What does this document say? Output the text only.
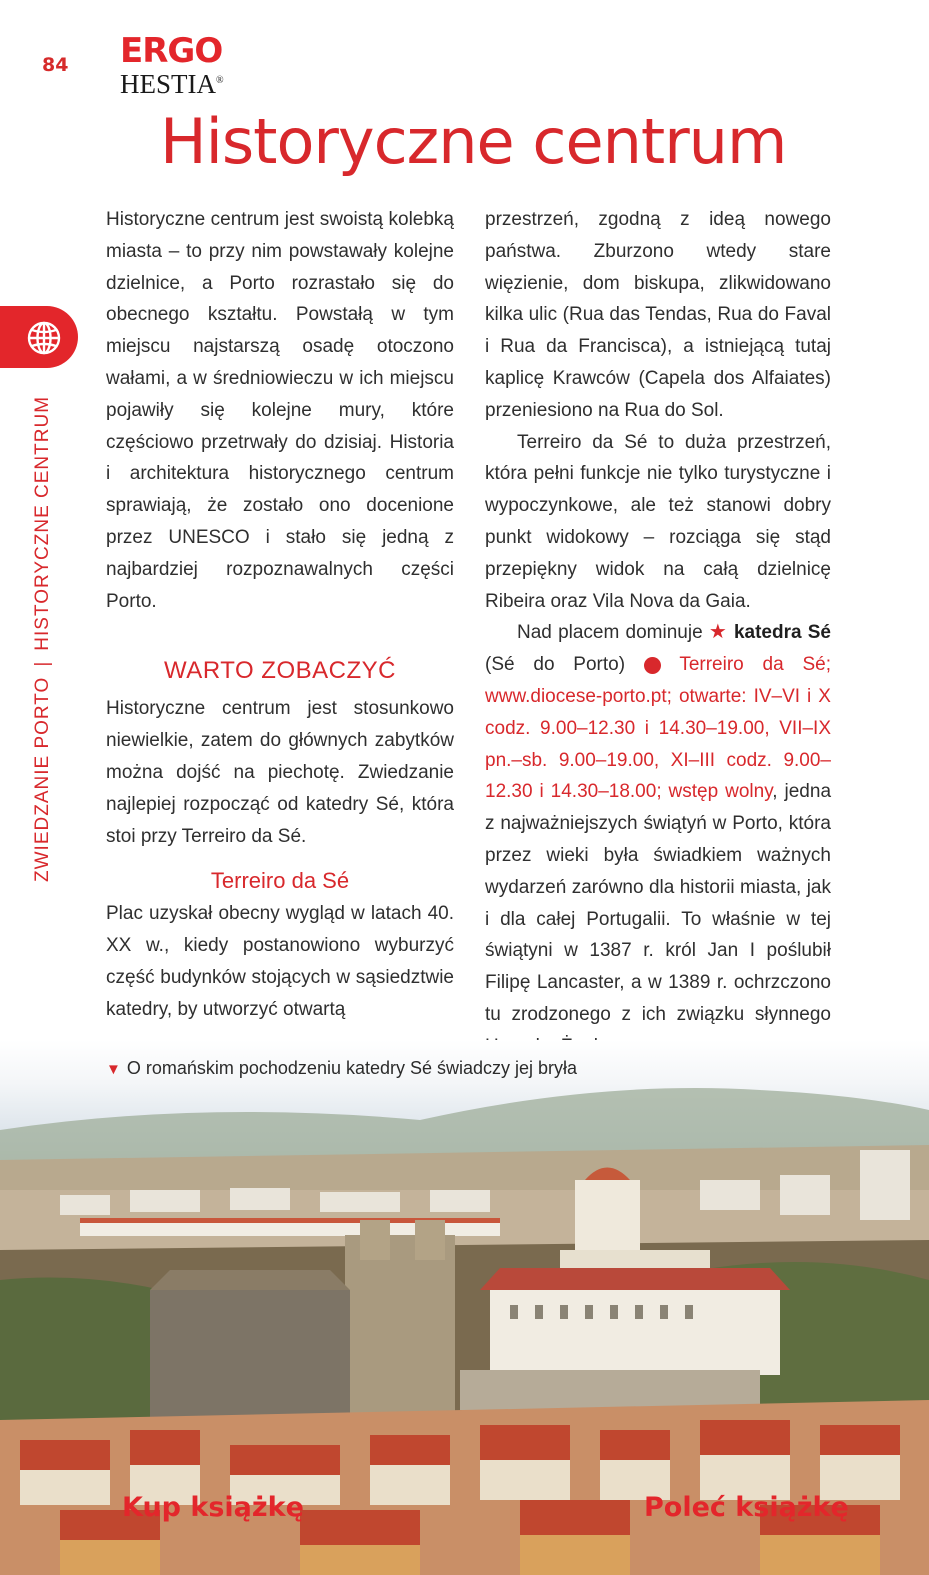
84 ERGO
HESTIA®
Historyczne centrum
ZWIEDZANIE PORTO|HISTORYCZNE CENTRUM

Historyczne centrum jest swoistą kolebką miasta – to przy nim powstawały kolejne dzielnice, a Porto rozrastało się do obecnego kształtu. Powstałą w tym miejscu najstarszą osadę otoczono wałami, a w średniowieczu w ich miejscu pojawiły się kolejne mury, które częściowo przetrwały do dzisiaj. Historia i architektura historycznego centrum sprawiają, że zostało ono docenione przez UNESCO i stało się jedną z najbardziej rozpoznawalnych części Porto.

WARTO ZOBACZYĆ

Historyczne centrum jest stosunkowo niewielkie, zatem do głównych zabytków można dojść na piechotę. Zwiedzanie najlepiej rozpocząć od katedry Sé, która stoi przy Terreiro da Sé.

Terreiro da Sé

Plac uzyskał obecny wygląd w latach 40. XX w., kiedy postanowiono wyburzyć część budynków stojących w sąsiedztwie katedry, by utworzyć otwartą

przestrzeń, zgodną z ideą nowego państwa. Zburzono wtedy stare więzienie, dom biskupa, zlikwidowano kilka ulic (Rua das Tendas, Rua do Faval i Rua da Francisca), a istniejącą tutaj kaplicę Krawców (Capela dos Alfaiates) przeniesiono na Rua do Sol.

Terreiro da Sé to duża przestrzeń, która pełni funkcje nie tylko turystyczne i wypoczynkowe, ale też stanowi dobry punkt widokowy – rozciąga się stąd przepiękny widok na całą dzielnicę Ribeira oraz Vila Nova da Gaia.

Nad placem dominuje ★ katedra Sé (Sé do Porto)	i Terreiro da Sé; www.diocese-porto.pt; otwarte: IV–VI i X codz. 9.00–12.30 i 14.30–19.00, VII–IX pn.–sb. 9.00–19.00, XI–III codz. 9.00–12.30 i 14.30–18.00; wstęp wolny, jedna z najważniejszych świątyń w Porto, która przez wieki była świadkiem ważnych wydarzeń zarówno dla historii miasta, jak i dla całej Portugalii. To właśnie w tej świątyni w 1387 r. król Jan I poślubił Filipę Lancaster, a w 1389 r. ochrzczono tu zrodzonego z ich związku słynnego

▼ O romańskim pochodzeniu katedry Sé świadczy jej bryła
Kup książkę	Poleć książkę
